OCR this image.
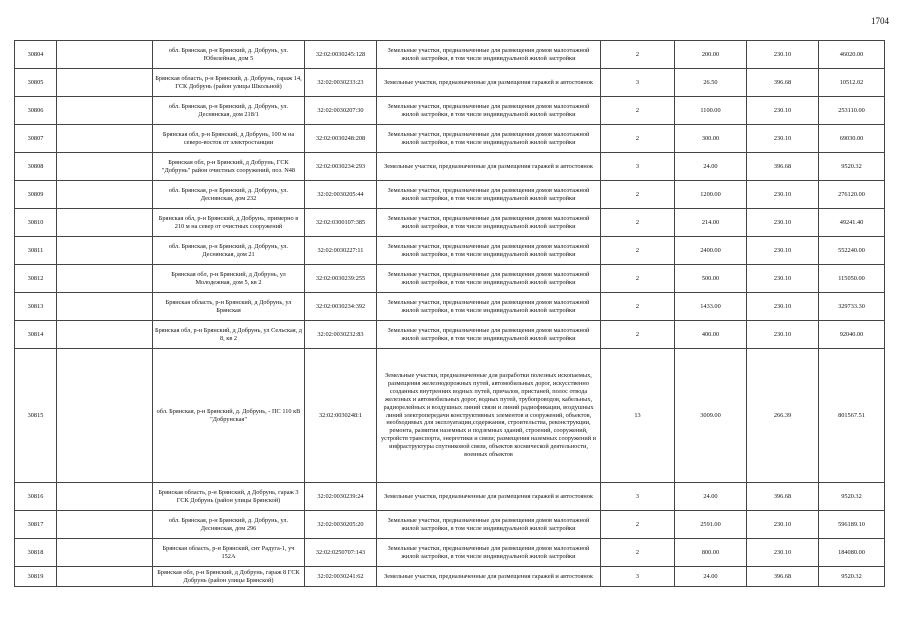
1704
30804		обл. Брянская, р-н Брянский, д. Добрунь, ул. Юбилейная, дом 5	32:02:0030245:128	Земельные участки, предназначенные для размещения домов малоэтажной жилой застройки, в том числе индивидуальной жилой застройки	2	200.00	230.10	46020.00
30805		Брянская область, р-н Брянский, д. Добрунь, гараж 14, ГСК Добрунь (район улицы Школьной)	32:02:0030233:23	Земельные участки, предназначенные для размещения гаражей и автостоянок	3	26.50	396.68	10512.02
30806		обл. Брянская, р-н Брянский, д. Добрунь, ул. Деснянская, дом 218/1	32:02:0030207:30	Земельные участки, предназначенные для размещения домов малоэтажной жилой застройки, в том числе индивидуальной жилой застройки	2	1100.00	230.10	253110.00
30807		Брянская обл, р-н Брянский, д Добрунь, 100 м на северо-восток от электростанции	32:02:0030248:208	Земельные участки, предназначенные для размещения домов малоэтажной жилой застройки, в том числе индивидуальной жилой застройки	2	300.00	230.10	69030.00
30808		Брянская обл, р-н Брянский, д Добрунь, ГСК "Добрунь" район очистных сооружений, поз. N48	32:02:0030234:293	Земельные участки, предназначенные для размещения гаражей и автостоянок	3	24.00	396.68	9520.32
30809		обл. Брянская, р-н Брянский, д. Добрунь, ул. Деснянская, дом 232	32:02:0030205:44	Земельные участки, предназначенные для размещения домов малоэтажной жилой застройки, в том числе индивидуальной жилой застройки	2	1200.00	230.10	276120.00
30810		Брянская обл, р-н Брянский, д Добрунь, примерно в 210 м на север от очистных сооружений	32:02:0300107:385	Земельные участки, предназначенные для размещения домов малоэтажной жилой застройки, в том числе индивидуальной жилой застройки	2	214.00	230.10	49241.40
30811		обл. Брянская, р-н Брянский, д. Добрунь, ул. Деснянская, дом 21	32:02:0030227:11	Земельные участки, предназначенные для размещения домов малоэтажной жилой застройки, в том числе индивидуальной жилой застройки	2	2400.00	230.10	552240.00
30812		Брянская обл, р-н Брянский, д Добрунь, ул Молодежная, дом 5, кв 2	32:02:0030239:255	Земельные участки, предназначенные для размещения домов малоэтажной жилой застройки, в том числе индивидуальной жилой застройки	2	500.00	230.10	115050.00
30813		Брянская область, р-н Брянский, д Добрунь, ул Брянская	32:02:0030234:392	Земельные участки, предназначенные для размещения домов малоэтажной жилой застройки, в том числе индивидуальной жилой застройки	2	1433.00	230.10	329733.30
30814		Брянская обл, р-н Брянский, д Добрунь, ул Сельская, д 8, кв 2	32:02:0030232:83	Земельные участки, предназначенные для размещения домов малоэтажной жилой застройки, в том числе индивидуальной жилой застройки	2	400.00	230.10	92040.00
30815		обл. Брянская, р-н Брянский, д. Добрунь, - ПС 110 кВ "Добрунская"	32:02:0030248:1	Земельные участки, предназначенные для разработки полезных ископаемых, размещения железнодорожных путей, автомобильных дорог, искусственно созданных внутренних водных путей, причалов, пристаней, полос отвода железных и автомобильных дорог, водных путей, трубопроводов, кабельных, радиорелейных и воздушных линий связи и линий радиофикации, воздушных линий электропередачи конструктивных элементов и сооружений, объектов, необходимых для эксплуатации,содержания, строительства, реконструкции, ремонта, развития наземных и подземных зданий, строений, сооружений, устройств транспорта, энергетики и связи; размещения наземных сооружений и инфраструктуры спутниковой связи, объектов космической деятельности, военных объектов	13	3009.00	266.39	801567.51
30816		Брянская область, р-н Брянский, д Добрунь, гараж 3 ГСК Добрунь (район улицы Брянской)	32:02:0030239:24	Земельные участки, предназначенные для размещения гаражей и автостоянок	3	24.00	396.68	9520.32
30817		обл. Брянская, р-н Брянский, д. Добрунь, ул. Деснянская, дом 296	32:02:0030205:20	Земельные участки, предназначенные для размещения домов малоэтажной жилой застройки, в том числе индивидуальной жилой застройки	2	2591.00	230.10	596189.10
30818		Брянская область, р-н Брянский, снт Радуга-1, уч 152А	32:02:0250707:143	Земельные участки, предназначенные для размещения домов малоэтажной жилой застройки, в том числе индивидуальной жилой застройки	2	800.00	230.10	184080.00
30819		Брянская обл, р-н Брянский, д Добрунь, гараж 8 ГСК Добрунь (район улицы Брянской)	32:02:0030241:62	Земельные участки, предназначенные для размещения гаражей и автостоянок	3	24.00	396.68	9520.32
